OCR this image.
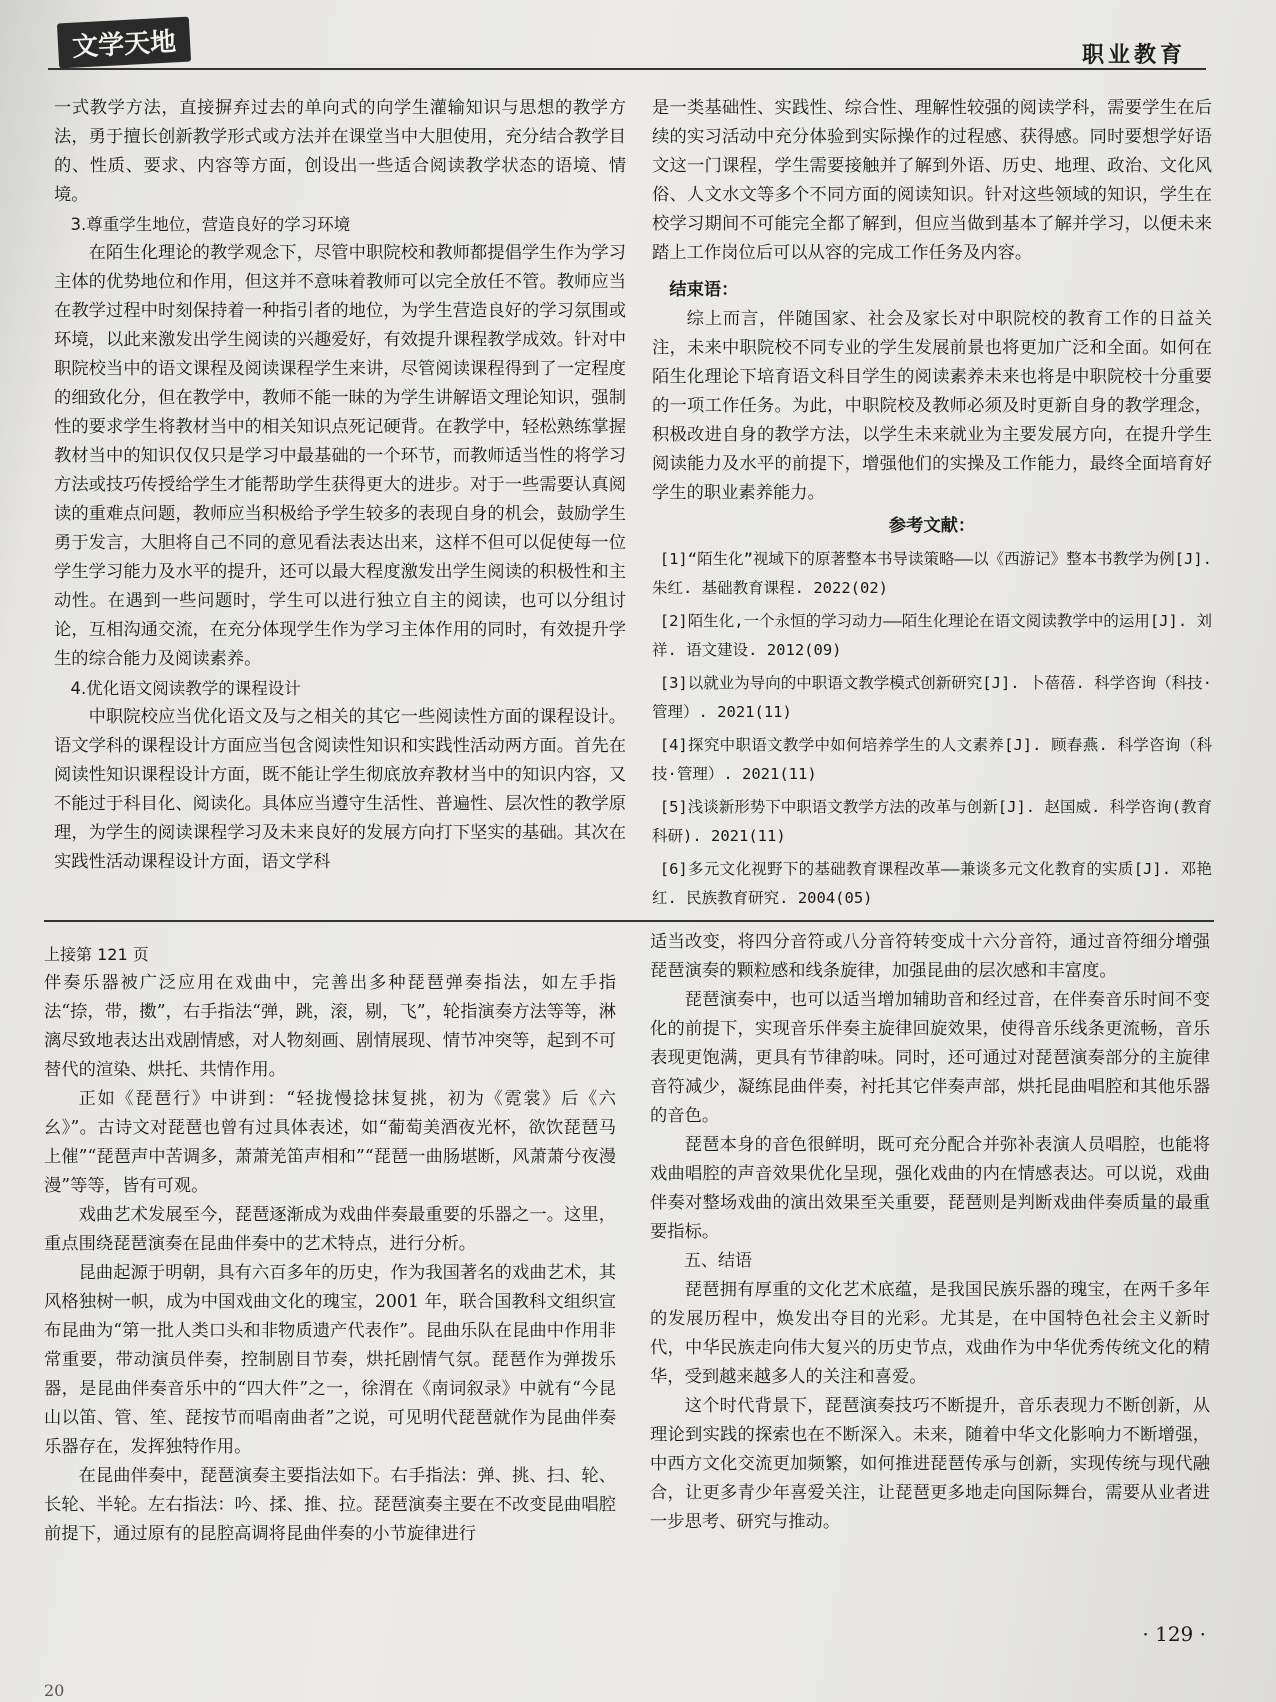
文学天地	职业教育

一式教学方法，直接摒弃过去的单向式的向学生灌输知识与思想的教学方法，勇于擅长创新教学形式或方法并在课堂当中大胆使用，充分结合教学目的、性质、要求、内容等方面，创设出一些适合阅读教学状态的语境、情境。

3.尊重学生地位，营造良好的学习环境

在陌生化理论的教学观念下，尽管中职院校和教师都提倡学生作为学习主体的优势地位和作用，但这并不意味着教师可以完全放任不管。教师应当在教学过程中时刻保持着一种指引者的地位，为学生营造良好的学习氛围或环境，以此来激发出学生阅读的兴趣爱好，有效提升课程教学成效。针对中职院校当中的语文课程及阅读课程学生来讲，尽管阅读课程得到了一定程度的细致化分，但在教学中，教师不能一昧的为学生讲解语文理论知识，强制性的要求学生将教材当中的相关知识点死记硬背。在教学中，轻松熟练掌握教材当中的知识仅仅只是学习中最基础的一个环节，而教师适当性的将学习方法或技巧传授给学生才能帮助学生获得更大的进步。对于一些需要认真阅读的重难点问题，教师应当积极给予学生较多的表现自身的机会，鼓励学生勇于发言，大胆将自己不同的意见看法表达出来，这样不但可以促使每一位学生学习能力及水平的提升，还可以最大程度激发出学生阅读的积极性和主动性。在遇到一些问题时，学生可以进行独立自主的阅读，也可以分组讨论，互相沟通交流，在充分体现学生作为学习主体作用的同时，有效提升学生的综合能力及阅读素养。

4.优化语文阅读教学的课程设计

中职院校应当优化语文及与之相关的其它一些阅读性方面的课程设计。语文学科的课程设计方面应当包含阅读性知识和实践性活动两方面。首先在阅读性知识课程设计方面，既不能让学生彻底放弃教材当中的知识内容，又不能过于科目化、阅读化。具体应当遵守生活性、普遍性、层次性的教学原理，为学生的阅读课程学习及未来良好的发展方向打下坚实的基础。其次在实践性活动课程设计方面，语文学科

是一类基础性、实践性、综合性、理解性较强的阅读学科，需要学生在后续的实习活动中充分体验到实际操作的过程感、获得感。同时要想学好语文这一门课程，学生需要接触并了解到外语、历史、地理、政治、文化风俗、人文水文等多个不同方面的阅读知识。针对这些领域的知识，学生在校学习期间不可能完全都了解到，但应当做到基本了解并学习，以便未来踏上工作岗位后可以从容的完成工作任务及内容。

结束语：

综上而言，伴随国家、社会及家长对中职院校的教育工作的日益关注，未来中职院校不同专业的学生发展前景也将更加广泛和全面。如何在陌生化理论下培育语文科目学生的阅读素养未来也将是中职院校十分重要的一项工作任务。为此，中职院校及教师必须及时更新自身的教学理念，积极改进自身的教学方法，以学生未来就业为主要发展方向，在提升学生阅读能力及水平的前提下，增强他们的实操及工作能力，最终全面培育好学生的职业素养能力。

参考文献：
[1]“陌生化”视域下的原著整本书导读策略——以《西游记》整本书教学为例[J]. 朱红. 基础教育课程. 2022(02)
[2]陌生化,一个永恒的学习动力——陌生化理论在语文阅读教学中的运用[J]. 刘祥. 语文建设. 2012(09)
[3]以就业为导向的中职语文教学模式创新研究[J]. 卜蓓蓓. 科学咨询（科技·管理）. 2021(11)
[4]探究中职语文教学中如何培养学生的人文素养[J]. 顾春燕. 科学咨询（科技·管理）. 2021(11)
[5]浅谈新形势下中职语文教学方法的改革与创新[J]. 赵国威. 科学咨询(教育科研). 2021(11)
[6]多元文化视野下的基础教育课程改革——兼谈多元文化教育的实质[J]. 邓艳红. 民族教育研究. 2004(05)

上接第 121 页

伴奏乐器被广泛应用在戏曲中，完善出多种琵琶弹奏指法，如左手指法“捺，带，擞”，右手指法“弹，跳，滚，剔，飞”，轮指演奏方法等等，淋漓尽致地表达出戏剧情感，对人物刻画、剧情展现、情节冲突等，起到不可替代的渲染、烘托、共情作用。

正如《琵琶行》中讲到：“轻拢慢捻抹复挑，初为《霓裳》后《六幺》”。古诗文对琵琶也曾有过具体表述，如“葡萄美酒夜光杯，欲饮琵琶马上催”“琵琶声中苦调多，萧萧羌笛声相和”“琵琶一曲肠堪断，风萧萧兮夜漫漫”等等，皆有可观。

戏曲艺术发展至今，琵琶逐渐成为戏曲伴奏最重要的乐器之一。这里，重点围绕琵琶演奏在昆曲伴奏中的艺术特点，进行分析。

昆曲起源于明朝，具有六百多年的历史，作为我国著名的戏曲艺术，其风格独树一帜，成为中国戏曲文化的瑰宝，2001 年，联合国教科文组织宣布昆曲为“第一批人类口头和非物质遗产代表作”。昆曲乐队在昆曲中作用非常重要，带动演员伴奏，控制剧目节奏，烘托剧情气氛。琵琶作为弹拨乐器，是昆曲伴奏音乐中的“四大件”之一，徐渭在《南词叙录》中就有“今昆山以笛、管、笙、琵按节而唱南曲者”之说，可见明代琵琶就作为昆曲伴奏乐器存在，发挥独特作用。

在昆曲伴奏中，琵琶演奏主要指法如下。右手指法：弹、挑、扫、轮、长轮、半轮。左右指法：吟、揉、推、拉。琵琶演奏主要在不改变昆曲唱腔前提下，通过原有的昆腔高调将昆曲伴奏的小节旋律进行

适当改变，将四分音符或八分音符转变成十六分音符，通过音符细分增强琵琶演奏的颗粒感和线条旋律，加强昆曲的层次感和丰富度。

琵琶演奏中，也可以适当增加辅助音和经过音，在伴奏音乐时间不变化的前提下，实现音乐伴奏主旋律回旋效果，使得音乐线条更流畅，音乐表现更饱满，更具有节律韵味。同时，还可通过对琵琶演奏部分的主旋律音符减少，凝练昆曲伴奏，衬托其它伴奏声部，烘托昆曲唱腔和其他乐器的音色。

琵琶本身的音色很鲜明，既可充分配合并弥补表演人员唱腔，也能将戏曲唱腔的声音效果优化呈现，强化戏曲的内在情感表达。可以说，戏曲伴奏对整场戏曲的演出效果至关重要，琵琶则是判断戏曲伴奏质量的最重要指标。

五、结语

琵琶拥有厚重的文化艺术底蕴，是我国民族乐器的瑰宝，在两千多年的发展历程中，焕发出夺目的光彩。尤其是，在中国特色社会主义新时代，中华民族走向伟大复兴的历史节点，戏曲作为中华优秀传统文化的精华，受到越来越多人的关注和喜爱。

这个时代背景下，琵琶演奏技巧不断提升，音乐表现力不断创新，从理论到实践的探索也在不断深入。未来，随着中华文化影响力不断增强，中西方文化交流更加频繁，如何推进琵琶传承与创新，实现传统与现代融合，让更多青少年喜爱关注，让琵琶更多地走向国际舞台，需要从业者进一步思考、研究与推动。

· 129 ·
20
